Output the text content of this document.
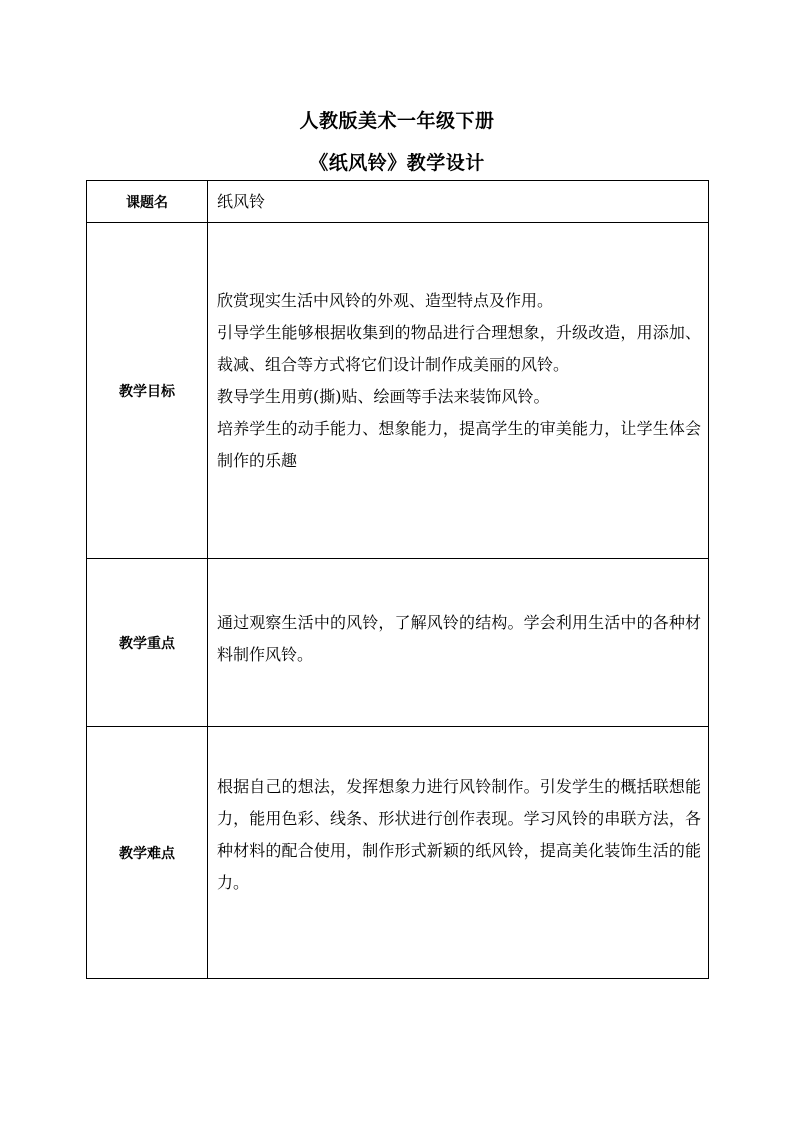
人教版美术一年级下册
《纸风铃》教学设计
课题名	纸风铃
教学目标	欣赏现实生活中风铃的外观、造型特点及作用。
引导学生能够根据收集到的物品进行合理想象，升级改造，用添加、裁减、组合等方式将它们设计制作成美丽的风铃。
教导学生用剪(撕)贴、绘画等手法来装饰风铃。
培养学生的动手能力、想象能力，提高学生的审美能力，让学生体会制作的乐趣

教学重点	通过观察生活中的风铃，了解风铃的结构。学会利用生活中的各种材料制作风铃。

教学难点	根据自己的想法，发挥想象力进行风铃制作。引发学生的概括联想能力，能用色彩、线条、形状进行创作表现。学习风铃的串联方法，各种材料的配合使用，制作形式新颖的纸风铃，提高美化装饰生活的能力。
